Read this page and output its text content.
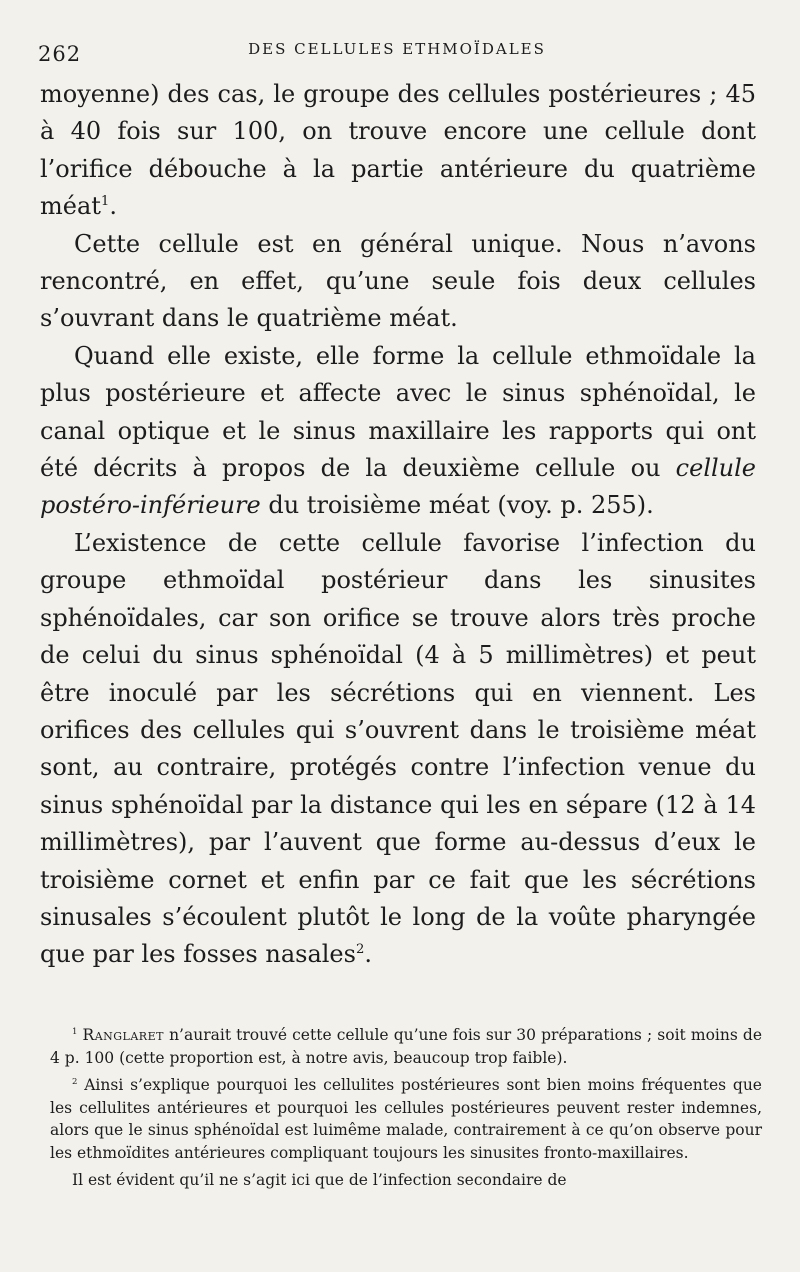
262	DES CELLULES ETHMOÏDALES

moyenne) des cas, le groupe des cellules postérieures ; 45 à 40 fois sur 100, on trouve encore une cellule dont l’orifice débouche à la partie antérieure du quatrième méat$^1$.

Cette cellule est en général unique. Nous n’avons rencontré, en effet, qu’une seule fois deux cellules s’ouvrant dans le quatrième méat.

Quand elle existe, elle forme la cellule ethmoïdale la plus postérieure et affecte avec le sinus sphénoïdal, le canal optique et le sinus maxillaire les rapports qui ont été décrits à propos de la deuxième cellule ou cellule postéro-inférieure du troisième méat (voy. p. 255).

L’existence de cette cellule favorise l’infection du groupe ethmoïdal postérieur dans les sinusites sphénoïdales, car son orifice se trouve alors très proche de celui du sinus sphénoïdal (4 à 5 millimètres) et peut être inoculé par les sécrétions qui en viennent. Les orifices des cellules qui s’ouvrent dans le troisième méat sont, au contraire, protégés contre l’infection venue du sinus sphénoïdal par la distance qui les en sépare (12 à 14 millimètres), par l’auvent que forme au-dessus d’eux le troisième cornet et enfin par ce fait que les sécrétions sinusales s’écoulent plutôt le long de la voûte pharyngée que par les fosses nasales$^2$.

$^1$ Ranglaret n’aurait trouvé cette cellule qu’une fois sur 30 préparations ; soit moins de 4 p. 100 (cette proportion est, à notre avis, beaucoup trop faible).

$^2$ Ainsi s’explique pourquoi les cellulites postérieures sont bien moins fréquentes que les cellulites antérieures et pourquoi les cellules postérieures peuvent rester indemnes, alors que le sinus sphénoïdal est luimême malade, contrairement à ce qu’on observe pour les ethmoïdites antérieures compliquant toujours les sinusites fronto-maxillaires.

Il est évident qu’il ne s’agit ici que de l’infection secondaire de
